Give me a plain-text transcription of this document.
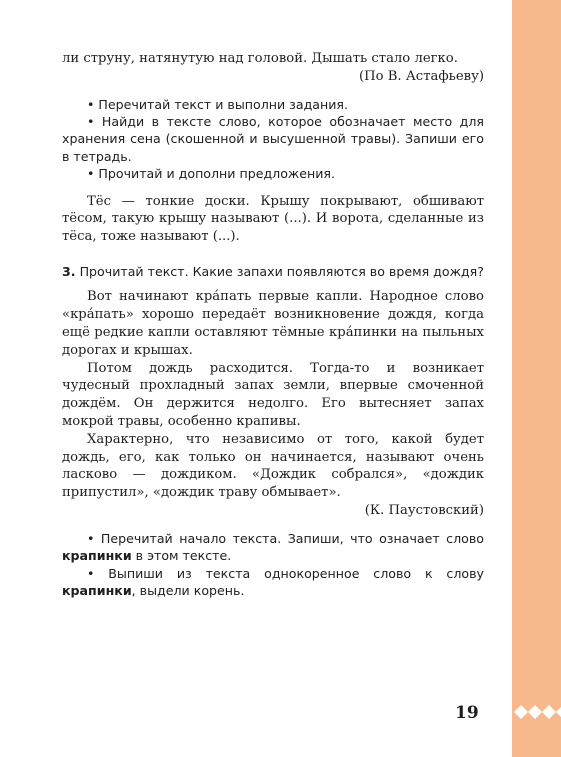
ли струну, натянутую над головой. Дышать стало легко.

(По В. Астафьеву)

• Перечитай текст и выполни задания.

• Найди в тексте слово, которое обозначает место для хранения сена (скошенной и высушенной травы). Запиши его в тетрадь.

• Прочитай и дополни предложения.

Тёс — тонкие доски. Крышу покрывают, обшивают тёсом, такую крышу называют (...). И ворота, сделанные из тёса, тоже называют (...).

3. Прочитай текст. Какие запахи появляются во время дождя?

Вот начинают кра́пать первые капли. Народное слово «кра́пать» хорошо передаёт возникновение дождя, когда ещё редкие капли оставляют тёмные кра́пинки на пыльных дорогах и крышах.

Потом дождь расходится. Тогда-то и возникает чудесный прохладный запах земли, впервые смоченной дождём. Он держится недолго. Его вытесняет запах мокрой травы, особенно крапивы.

Характерно, что независимо от того, какой будет дождь, его, как только он начинается, называют очень ласково — дождиком. «Дождик собрался», «дождик припустил», «дождик траву обмывает».

(К. Паустовский)

• Перечитай начало текста. Запиши, что означает слово крапинки в этом тексте.

• Выпиши из текста однокоренное слово к слову крапинки, выдели корень.

19
